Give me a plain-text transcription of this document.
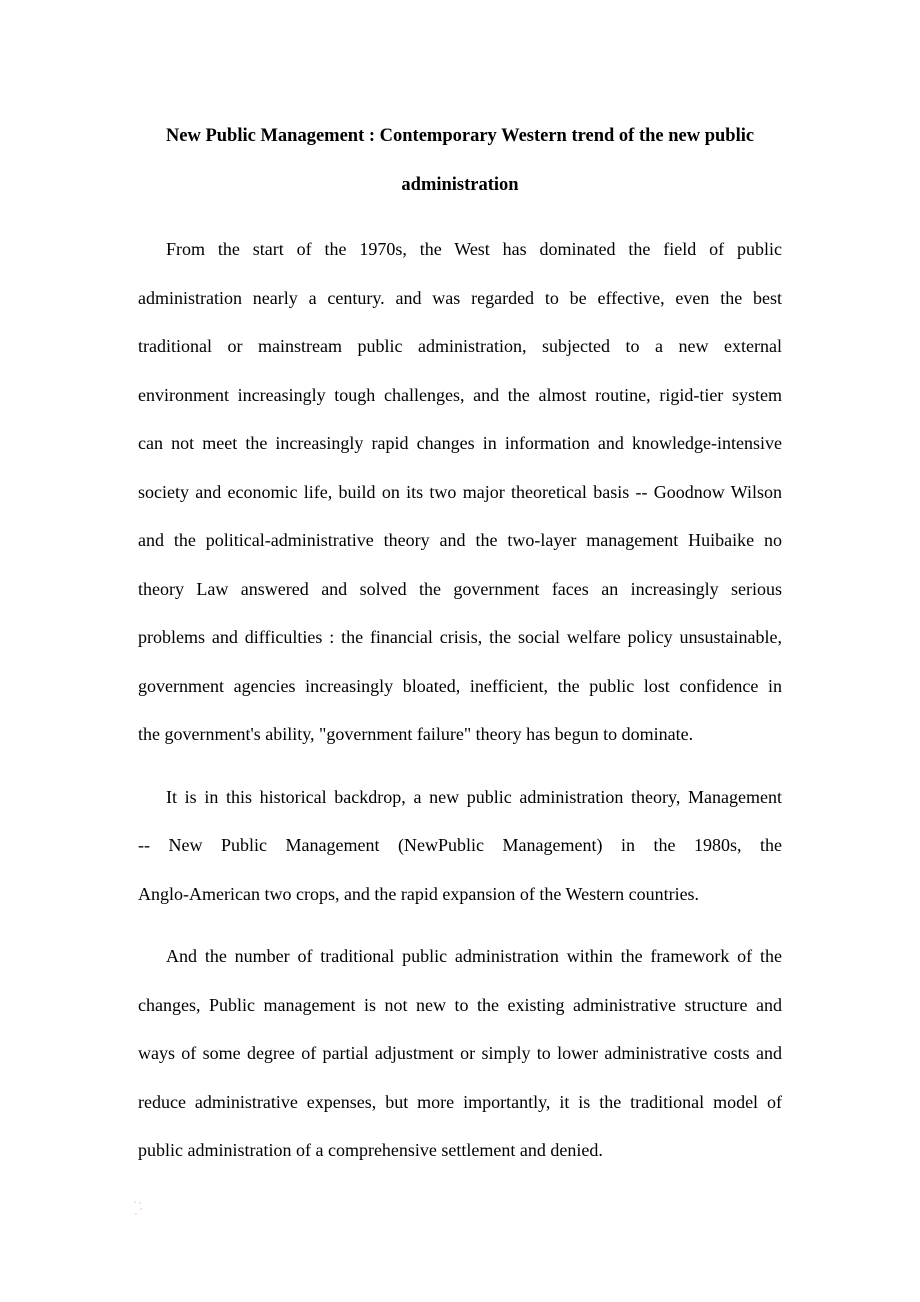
New Public Management : Contemporary Western trend of the new public
administration
From the start of the 1970s, the West has dominated the field of public
administration nearly a century. and was regarded to be effective, even the best
traditional or mainstream public administration, subjected to a new external
environment increasingly tough challenges, and the almost routine, rigid-tier system
can not meet the increasingly rapid changes in information and knowledge-intensive
society and economic life, build on its two major theoretical basis -- Goodnow Wilson
and the political-administrative theory and the two-layer management Huibaike no
theory Law answered and solved the government faces an increasingly serious
problems and difficulties : the financial crisis, the social welfare policy unsustainable,
government agencies increasingly bloated, inefficient, the public lost confidence in
the government's ability, "government failure" theory has begun to dominate.
It is in this historical backdrop, a new public administration theory, Management
-- New Public Management (NewPublic Management) in the 1980s, the
Anglo-American two crops, and the rapid expansion of the Western countries.
And the number of traditional public administration within the framework of the
changes, Public management is not new to the existing administrative structure and
ways of some degree of partial adjustment or simply to lower administrative costs and
reduce administrative expenses, but more importantly, it is the traditional model of
public administration of a comprehensive settlement and denied.
